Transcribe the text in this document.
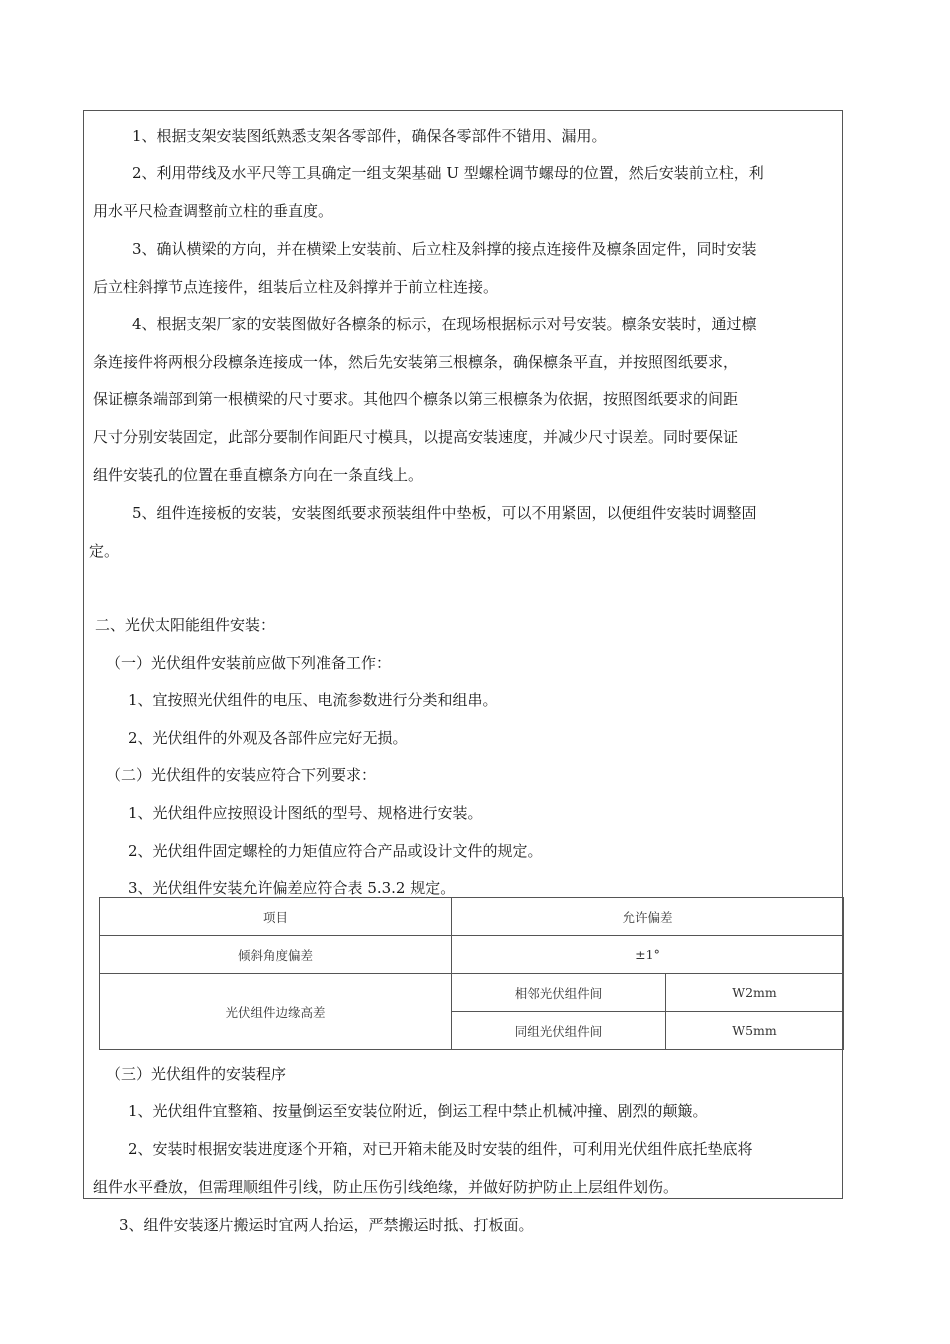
1、根据支架安装图纸熟悉支架各零部件，确保各零部件不错用、漏用。
2、利用带线及水平尺等工具确定一组支架基础 U 型螺栓调节螺母的位置，然后安装前立柱，利
用水平尺检查调整前立柱的垂直度。
3、确认横梁的方向，并在横梁上安装前、后立柱及斜撑的接点连接件及檩条固定件，同时安装
后立柱斜撑节点连接件，组装后立柱及斜撑并于前立柱连接。
4、根据支架厂家的安装图做好各檩条的标示，在现场根据标示对号安装。檩条安装时，通过檩
条连接件将两根分段檩条连接成一体，然后先安装第三根檩条，确保檩条平直，并按照图纸要求，
保证檩条端部到第一根横梁的尺寸要求。其他四个檩条以第三根檩条为依据，按照图纸要求的间距
尺寸分别安装固定，此部分要制作间距尺寸模具，以提高安装速度，并减少尺寸误差。同时要保证
组件安装孔的位置在垂直檩条方向在一条直线上。
5、组件连接板的安装，安装图纸要求预装组件中垫板，可以不用紧固，以便组件安装时调整固
定。
二、光伏太阳能组件安装：
（一）光伏组件安装前应做下列准备工作：
1、宜按照光伏组件的电压、电流参数进行分类和组串。
2、光伏组件的外观及各部件应完好无损。
（二）光伏组件的安装应符合下列要求：
1、光伏组件应按照设计图纸的型号、规格进行安装。
2、光伏组件固定螺栓的力矩值应符合产品或设计文件的规定。
3、光伏组件安装允许偏差应符合表 5.3.2 规定。
项目	允许偏差	
倾斜角度偏差	±1°	
光伏组件边缘高差	相邻光伏组件间	W2mm
	同组光伏组件间	W5mm
（三）光伏组件的安装程序
1、光伏组件宜整箱、按量倒运至安装位附近，倒运工程中禁止机械冲撞、剧烈的颠簸。
2、安装时根据安装进度逐个开箱，对已开箱未能及时安装的组件，可利用光伏组件底托垫底将
组件水平叠放，但需理顺组件引线，防止压伤引线绝缘，并做好防护防止上层组件划伤。
3、组件安装逐片搬运时宜两人抬运，严禁搬运时抵、打板面。
